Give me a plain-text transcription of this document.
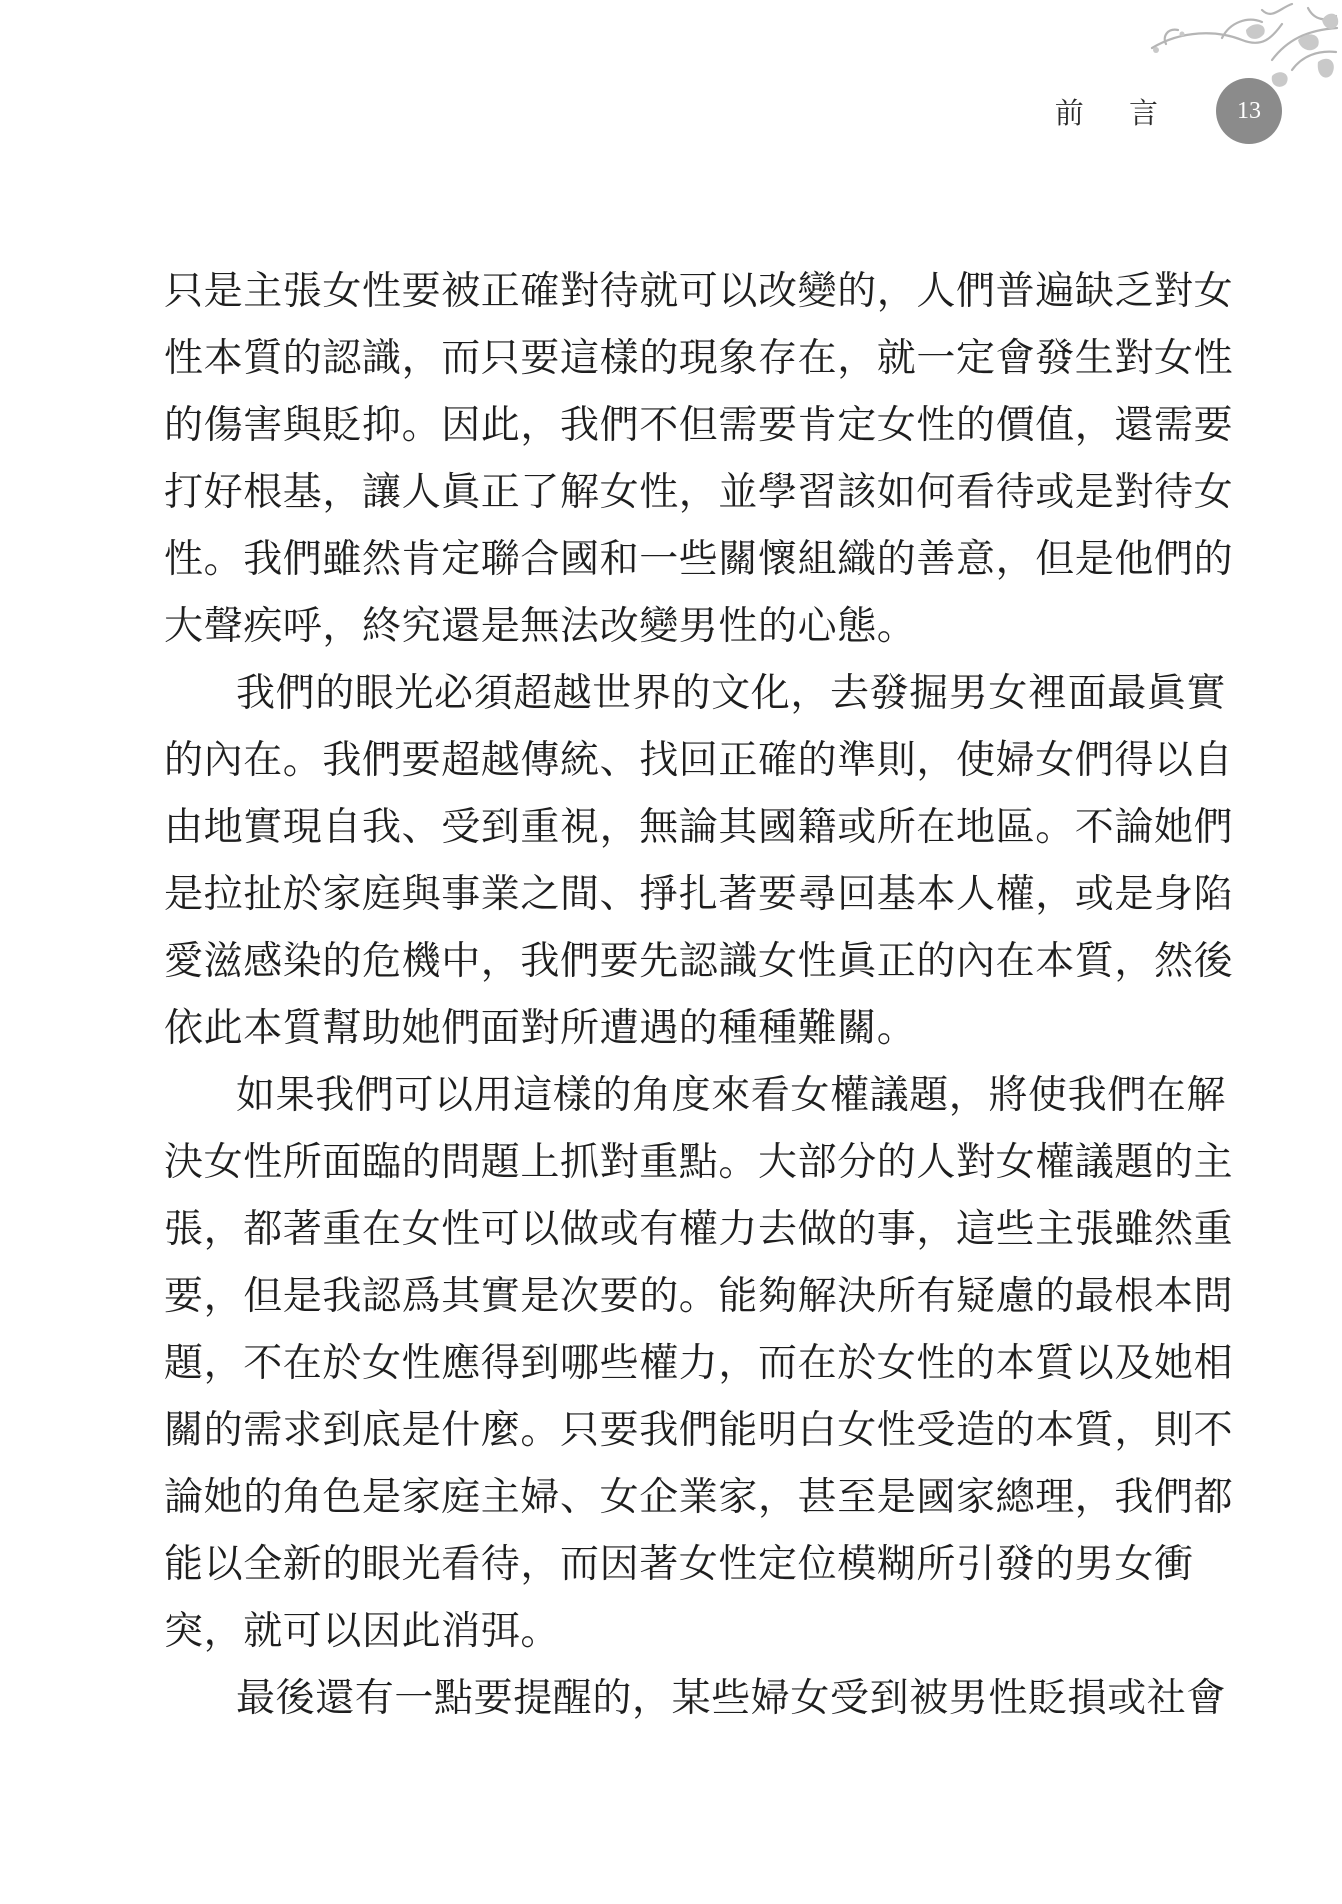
前 言	13
只是主張女性要被正確對待就可以改變的，人們普遍缺乏對女
性本質的認識，而只要這樣的現象存在，就一定會發生對女性
的傷害與貶抑。因此，我們不但需要肯定女性的價值，還需要
打好根基，讓人眞正了解女性，並學習該如何看待或是對待女
性。我們雖然肯定聯合國和一些關懷組織的善意，但是他們的
大聲疾呼，終究還是無法改變男性的心態。
我們的眼光必須超越世界的文化，去發掘男女裡面最眞實
的內在。我們要超越傳統、找回正確的準則，使婦女們得以自
由地實現自我、受到重視，無論其國籍或所在地區。不論她們
是拉扯於家庭與事業之間、掙扎著要尋回基本人權，或是身陷
愛滋感染的危機中，我們要先認識女性眞正的內在本質，然後
依此本質幫助她們面對所遭遇的種種難關。
如果我們可以用這樣的角度來看女權議題，將使我們在解
決女性所面臨的問題上抓對重點。大部分的人對女權議題的主
張，都著重在女性可以做或有權力去做的事，這些主張雖然重
要，但是我認爲其實是次要的。能夠解決所有疑慮的最根本問
題，不在於女性應得到哪些權力，而在於女性的本質以及她相
關的需求到底是什麼。只要我們能明白女性受造的本質，則不
論她的角色是家庭主婦、女企業家，甚至是國家總理，我們都
能以全新的眼光看待，而因著女性定位模糊所引發的男女衝
突，就可以因此消弭。
最後還有一點要提醒的，某些婦女受到被男性貶損或社會
